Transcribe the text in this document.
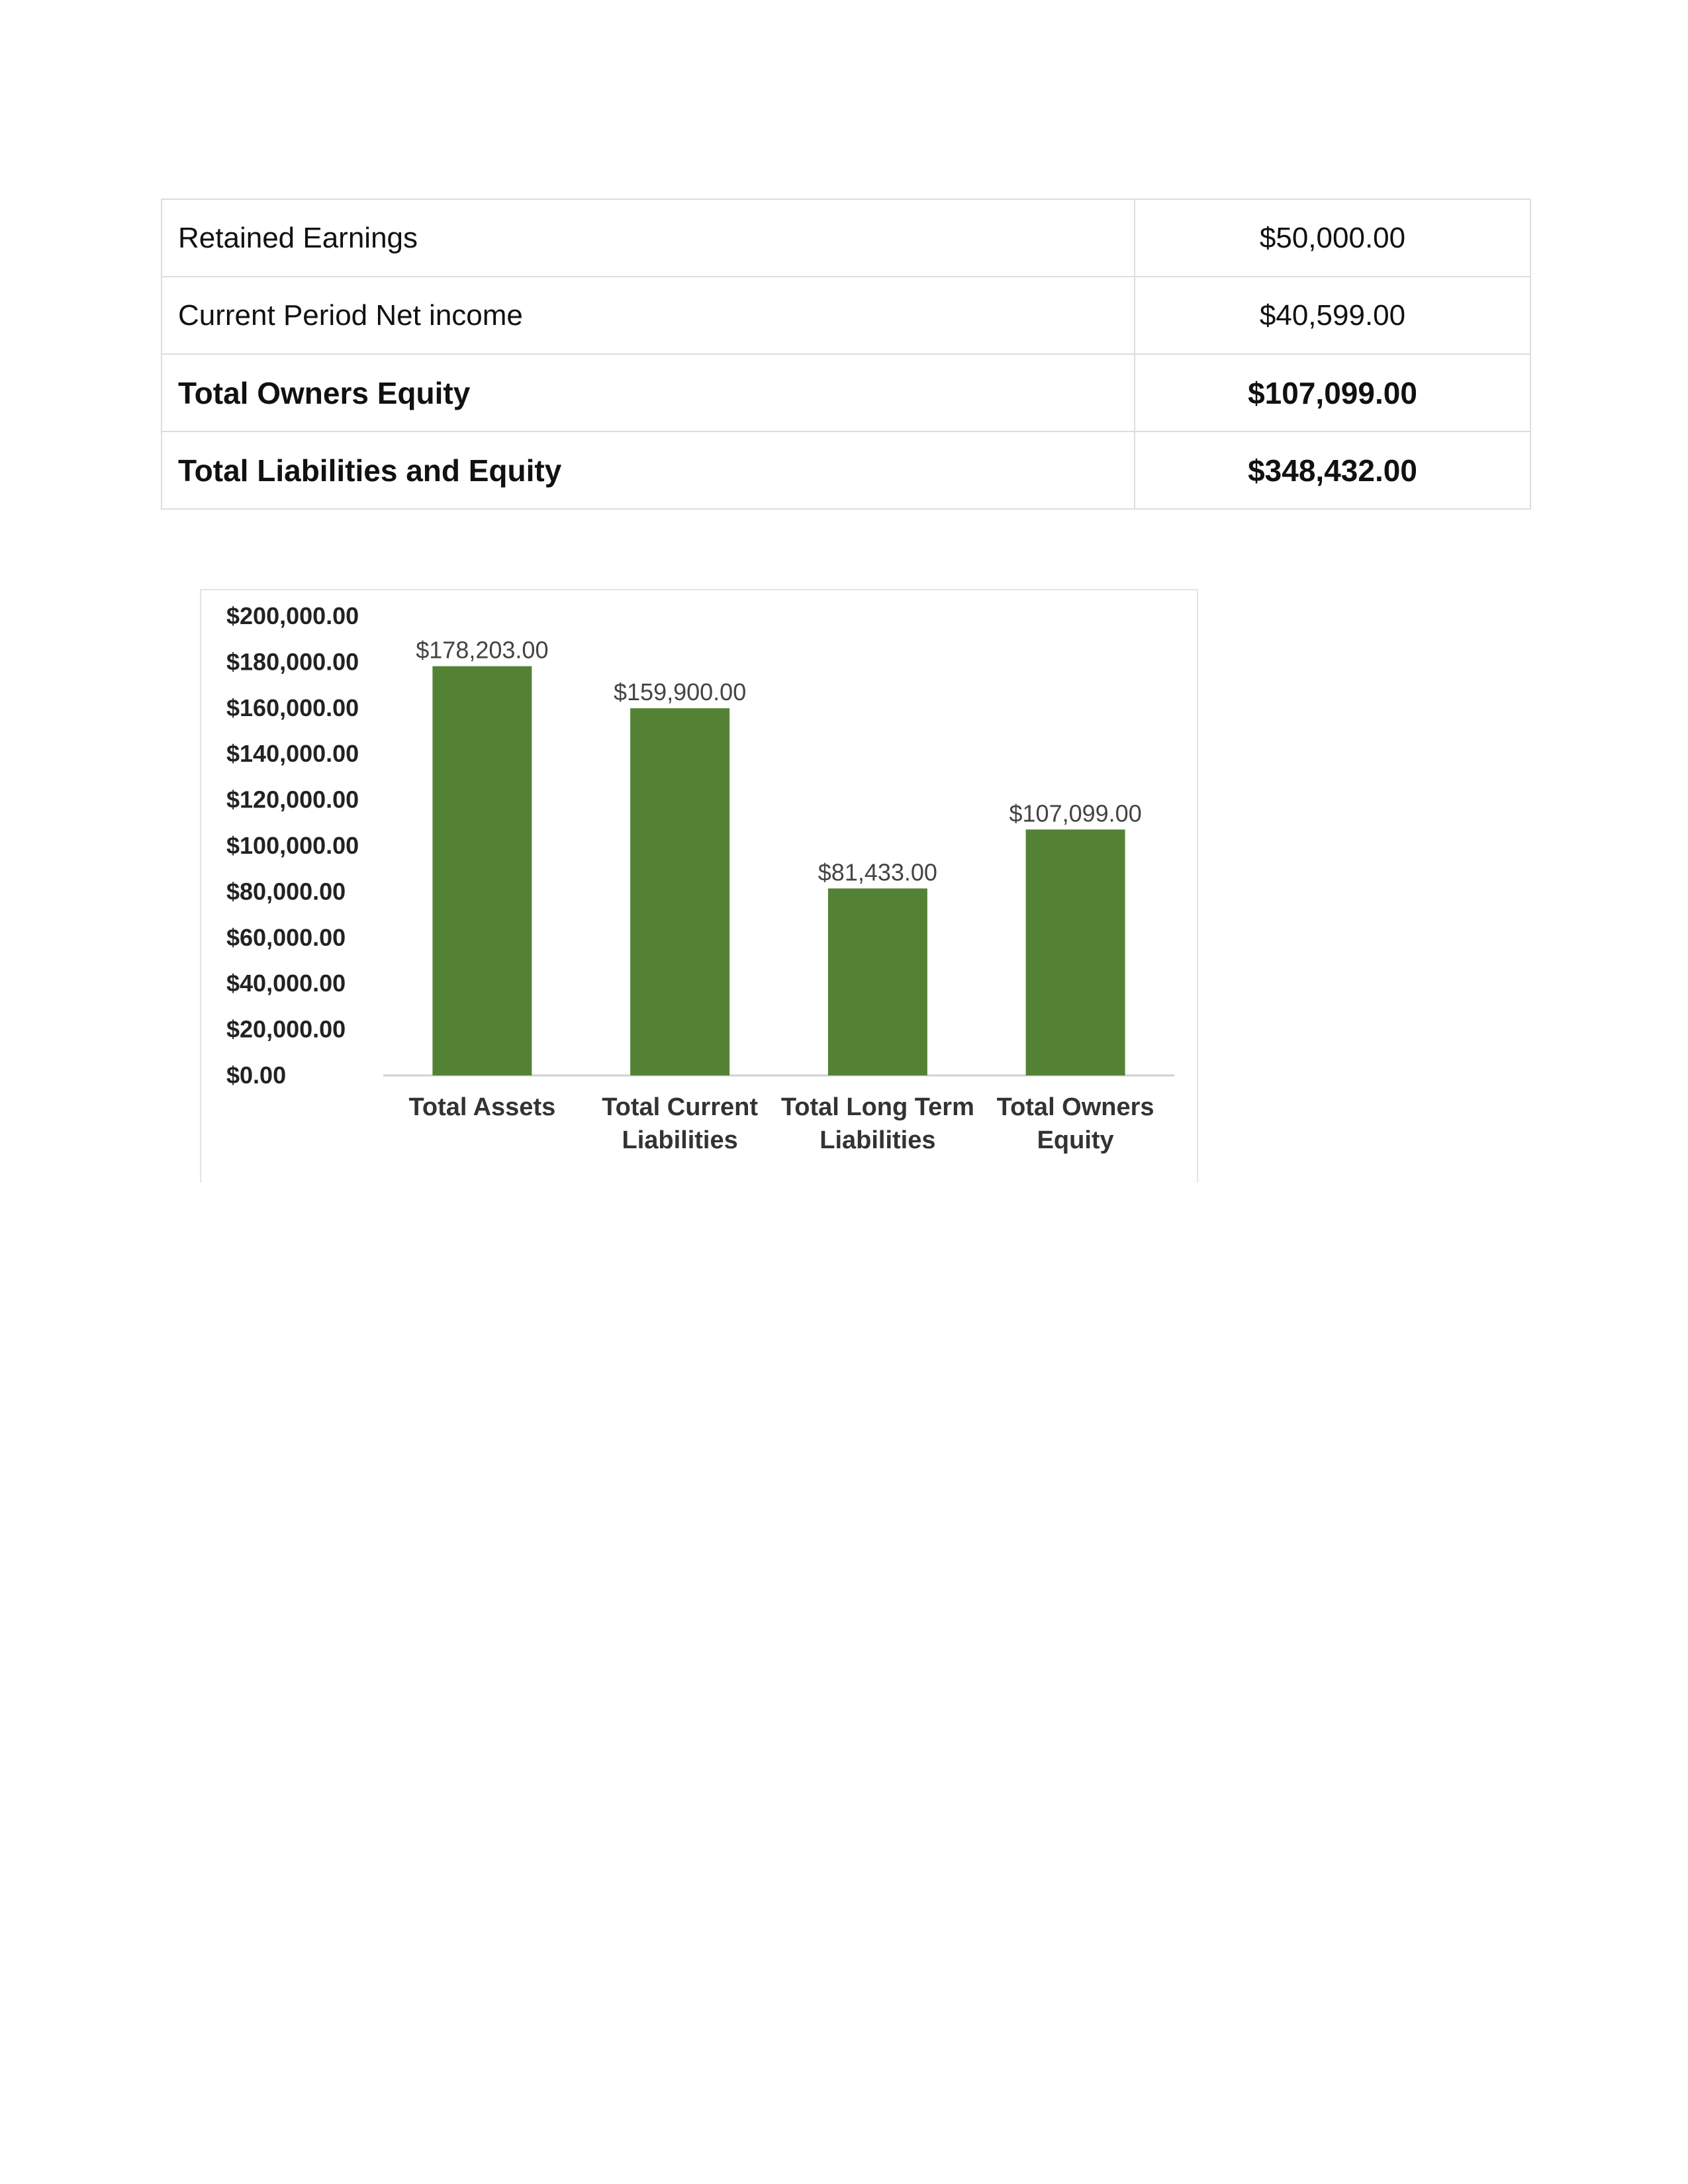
Retained Earnings	$50,000.00
Current Period Net income	$40,599.00
Total Owners Equity	$107,099.00
Total Liabilities and Equity	$348,432.00
$200,000.00
$180,000.00
$160,000.00
$140,000.00
$120,000.00
$100,000.00
$80,000.00
$60,000.00
$40,000.00
$20,000.00
$0.00
$178,203.00
Total Assets
$159,900.00
Total Current
Liabilities
$81,433.00
Total Long Term
Liabilities
$107,099.00
Total Owners
Equity
